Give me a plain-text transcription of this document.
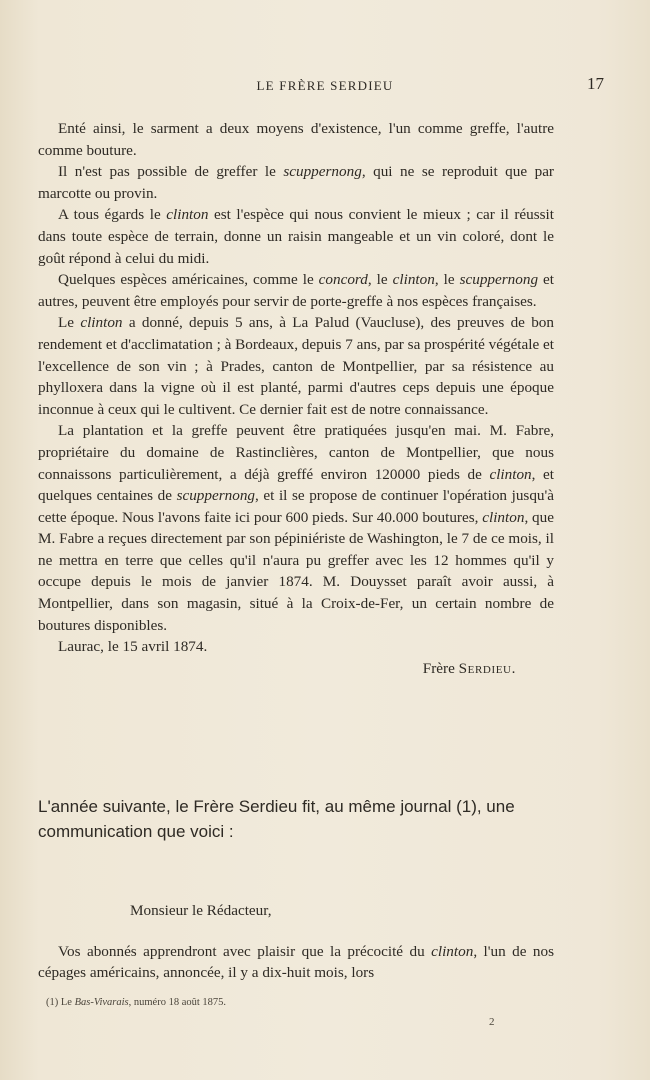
LE FRÈRE SERDIEU	17

Enté ainsi, le sarment a deux moyens d'existence, l'un comme greffe, l'autre comme bouture.

Il n'est pas possible de greffer le scuppernong, qui ne se reproduit que par marcotte ou provin.

A tous égards le clinton est l'espèce qui nous convient le mieux ; car il réussit dans toute espèce de terrain, donne un raisin mangeable et un vin coloré, dont le goût répond à celui du midi.

Quelques espèces américaines, comme le concord, le clinton, le scuppernong et autres, peuvent être employés pour servir de porte-greffe à nos espèces françaises.

Le clinton a donné, depuis 5 ans, à La Palud (Vaucluse), des preuves de bon rendement et d'acclimatation ; à Bordeaux, depuis 7 ans, par sa prospérité végétale et l'excellence de son vin ; à Prades, canton de Montpellier, par sa résistence au phylloxera dans la vigne où il est planté, parmi d'autres ceps depuis une époque inconnue à ceux qui le cultivent. Ce dernier fait est de notre connaissance.

La plantation et la greffe peuvent être pratiquées jusqu'en mai. M. Fabre, propriétaire du domaine de Rastinclières, canton de Montpellier, que nous connaissons particulièrement, a déjà greffé environ 120000 pieds de clinton, et quelques centaines de scuppernong, et il se propose de continuer l'opération jusqu'à cette époque. Nous l'avons faite ici pour 600 pieds. Sur 40.000 boutures, clinton, que M. Fabre a reçues directement par son pépiniériste de Washington, le 7 de ce mois, il ne mettra en terre que celles qu'il n'aura pu greffer avec les 12 hommes qu'il y occupe depuis le mois de janvier 1874. M. Douysset paraît avoir aussi, à Montpellier, dans son magasin, situé à la Croix-de-Fer, un certain nombre de boutures disponibles.

Laurac, le 15 avril 1874.

Frère Serdieu.

L'année suivante, le Frère Serdieu fit, au même journal (1), une communication que voici :

Monsieur le Rédacteur,

Vos abonnés apprendront avec plaisir que la précocité du clinton, l'un de nos cépages américains, annoncée, il y a dix-huit mois, lors

(1) Le Bas-Vivarais, numéro 18 août 1875.
2
